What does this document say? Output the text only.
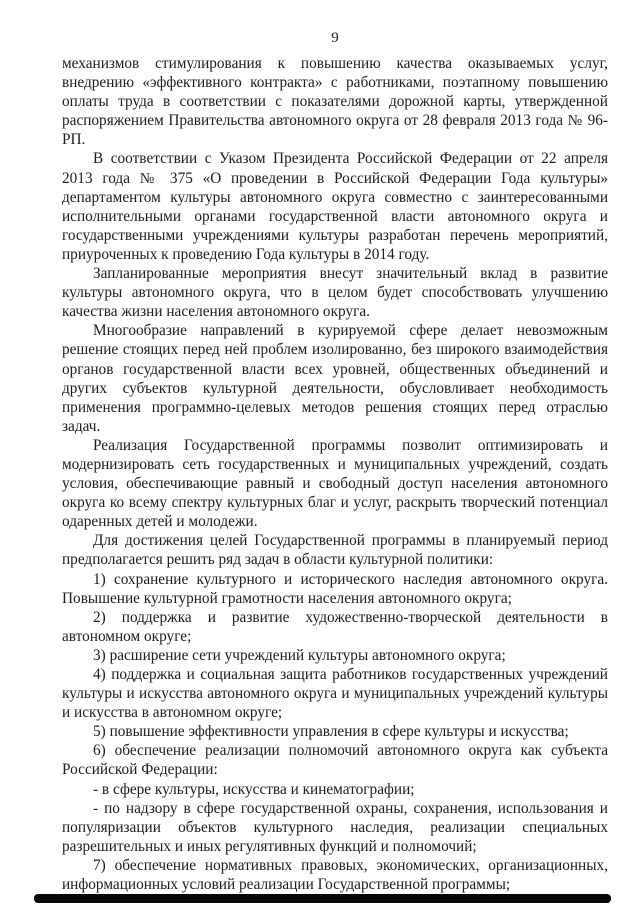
9

механизмов стимулирования к повышению качества оказываемых услуг, внедрению «эффективного контракта» с работниками, поэтапному повышению оплаты труда в соответствии с показателями дорожной карты, утвержденной распоряжением Правительства автономного округа от 28 февраля 2013 года № 96-РП.

В соответствии с Указом Президента Российской Федерации от 22 апреля 2013 года № 375 «О проведении в Российской Федерации Года культуры» департаментом культуры автономного округа совместно с заинтересованными исполнительными органами государственной власти автономного округа и государственными учреждениями культуры разработан перечень мероприятий, приуроченных к проведению Года культуры в 2014 году.

Запланированные мероприятия внесут значительный вклад в развитие культуры автономного округа, что в целом будет способствовать улучшению качества жизни населения автономного округа.

Многообразие направлений в курируемой сфере делает невозможным решение стоящих перед ней проблем изолированно, без широкого взаимодействия органов государственной власти всех уровней, общественных объединений и других субъектов культурной деятельности, обусловливает необходимость применения программно-целевых методов решения стоящих перед отраслью задач.

Реализация Государственной программы позволит оптимизировать и модернизировать сеть государственных и муниципальных учреждений, создать условия, обеспечивающие равный и свободный доступ населения автономного округа ко всему спектру культурных благ и услуг, раскрыть творческий потенциал одаренных детей и молодежи.

Для достижения целей Государственной программы в планируемый период предполагается решить ряд задач в области культурной политики:

1) сохранение культурного и исторического наследия автономного округа. Повышение культурной грамотности населения автономного округа;

2) поддержка и развитие художественно-творческой деятельности в автономном округе;

3) расширение сети учреждений культуры автономного округа;

4) поддержка и социальная защита работников государственных учреждений культуры и искусства автономного округа и муниципальных учреждений культуры и искусства в автономном округе;

5) повышение эффективности управления в сфере культуры и искусства;

6) обеспечение реализации полномочий автономного округа как субъекта Российской Федерации:

- в сфере культуры, искусства и кинематографии;

- по надзору в сфере государственной охраны, сохранения, использования и популяризации объектов культурного наследия, реализации специальных разрешительных и иных регулятивных функций и полномочий;

7) обеспечение нормативных правовых, экономических, организационных, информационных условий реализации Государственной программы;
